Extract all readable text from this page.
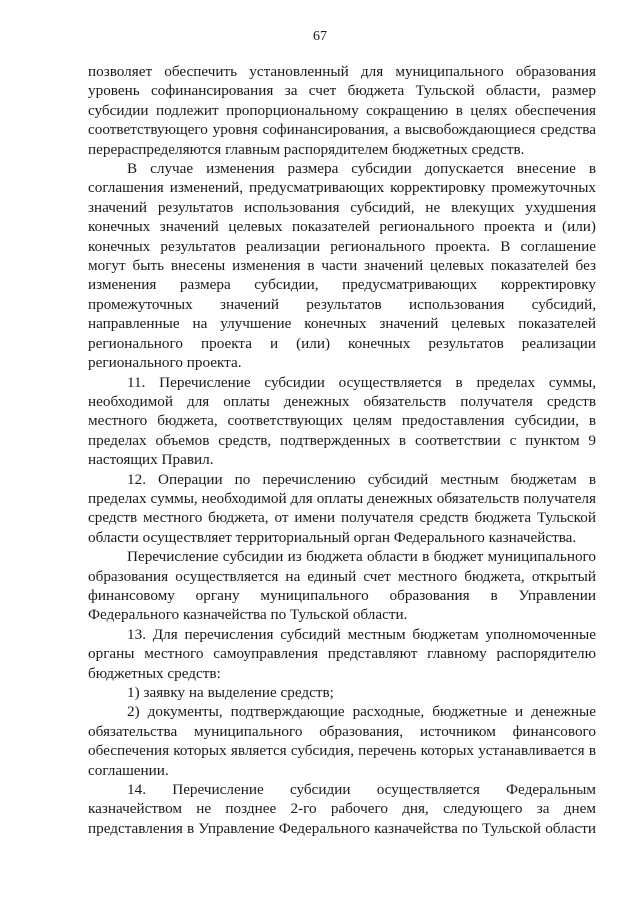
67

позволяет обеспечить установленный для муниципального образования уровень софинансирования за счет бюджета Тульской области, размер субсидии подлежит пропорциональному сокращению в целях обеспечения соответствующего уровня софинансирования, а высвобождающиеся средства перераспределяются главным распорядителем бюджетных средств.

В случае изменения размера субсидии допускается внесение в соглашения изменений, предусматривающих корректировку промежуточных значений результатов использования субсидий, не влекущих ухудшения конечных значений целевых показателей регионального проекта и (или) конечных результатов реализации регионального проекта. В соглашение могут быть внесены изменения в части значений целевых показателей без изменения размера субсидии, предусматривающих корректировку промежуточных значений результатов использования субсидий, направленные на улучшение конечных значений целевых показателей регионального проекта и (или) конечных результатов реализации регионального проекта.

11. Перечисление субсидии осуществляется в пределах суммы, необходимой для оплаты денежных обязательств получателя средств местного бюджета, соответствующих целям предоставления субсидии, в пределах объемов средств, подтвержденных в соответствии с пунктом 9 настоящих Правил.

12. Операции по перечислению субсидий местным бюджетам в пределах суммы, необходимой для оплаты денежных обязательств получателя средств местного бюджета, от имени получателя средств бюджета Тульской области осуществляет территориальный орган Федерального казначейства.

Перечисление субсидии из бюджета области в бюджет муниципального образования осуществляется на единый счет местного бюджета, открытый финансовому органу муниципального образования в Управлении Федерального казначейства по Тульской области.

13. Для перечисления субсидий местным бюджетам уполномоченные органы местного самоуправления представляют главному распорядителю бюджетных средств:

1) заявку на выделение средств;

2) документы, подтверждающие расходные, бюджетные и денежные обязательства муниципального образования, источником финансового обеспечения которых является субсидия, перечень которых устанавливается в соглашении.

14. Перечисление субсидии осуществляется Федеральным казначейством не позднее 2-го рабочего дня, следующего за днем представления в Управление Федерального казначейства по Тульской области
